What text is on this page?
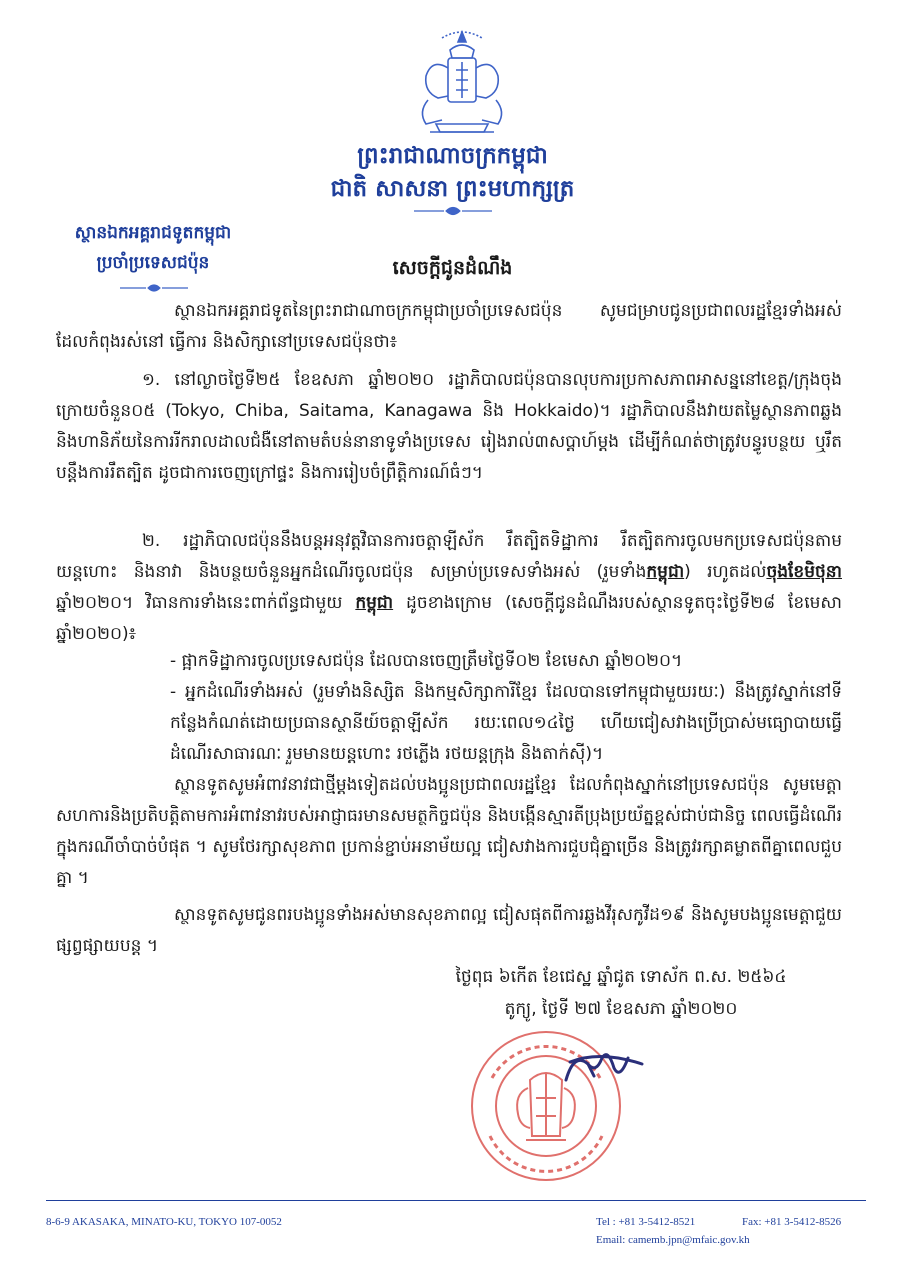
ព្រះរាជាណាចក្រកម្ពុជា
ជាតិ សាសនា ព្រះមហាក្សត្រ
ស្ថានឯកអគ្គរាជទូតកម្ពុជា
ប្រចាំប្រទេសជប៉ុន	សេចក្តីជូនដំណឹង
ស្ថានឯកអគ្គរាជទូតនៃព្រះរាជាណាចក្រកម្ពុជាប្រចាំប្រទេសជប៉ុន សូមជម្រាបជូនប្រជាពលរដ្ឋខ្មែរទាំងអស់ដែលកំពុងរស់នៅ ធ្វើការ និងសិក្សានៅប្រទេសជប៉ុនថា៖
១. នៅល្ងាចថ្ងៃទី២៥ ខែឧសភា ឆ្នាំ២០២០ រដ្ឋាភិបាលជប៉ុនបានលុបការប្រកាសភាពអាសន្ននៅខេត្ត/ក្រុងចុងក្រោយចំនួន០៥ (Tokyo, Chiba, Saitama, Kanagawa និង Hokkaido)។ រដ្ឋាភិបាលនឹងវាយតម្លៃស្ថានភាពឆ្លង និងហានិភ័យនៃការរីករាលដាលជំងឺនៅតាមតំបន់នានាទូទាំងប្រទេស រៀងរាល់៣សប្តាហ៍ម្តង ដើម្បីកំណត់ថាត្រូវបន្ធូរបន្ថយ ឬរឹតបន្តឹងការរឹតត្បិត ដូចជាការចេញក្រៅផ្ទះ និងការរៀបចំព្រឹត្តិការណ៍ធំៗ។
២. រដ្ឋាភិបាលជប៉ុននឹងបន្តអនុវត្តវិធានការចត្តាឡីស័ក រឹតត្បិតទិដ្ឋាការ រឹតត្បិតការចូលមកប្រទេសជប៉ុនតាមយន្តហោះ និងនាវា និងបន្ថយចំនួនអ្នកដំណើរចូលជប៉ុន សម្រាប់ប្រទេសទាំងអស់ (រួមទាំងកម្ពុជា) រហូតដល់ចុងខែមិថុនា ឆ្នាំ២០២០។ វិធានការទាំងនេះពាក់ព័ន្ធជាមួយ កម្ពុជា ដូចខាងក្រោម (សេចក្តីជូនដំណឹងរបស់ស្ថានទូតចុះថ្ងៃទី២៨ ខែមេសា ឆ្នាំ២០២០)៖
- ផ្អាកទិដ្ឋាការចូលប្រទេសជប៉ុន ដែលបានចេញត្រឹមថ្ងៃទី០២ ខែមេសា ឆ្នាំ២០២០។
- អ្នកដំណើរទាំងអស់ (រួមទាំងនិស្សិត និងកម្មសិក្សាការីខ្មែរ ដែលបានទៅកម្ពុជាមួយរយៈ) នឹងត្រូវស្នាក់នៅទីកន្លែងកំណត់ដោយប្រធានស្ថានីយ៍ចត្តាឡីស័ក រយៈពេល១៤ថ្ងៃ ហើយជៀសវាងប្រើប្រាស់មធ្យោបាយធ្វើដំណើរសាធារណៈ រួមមានយន្តហោះ រថភ្លើង រថយន្តក្រុង និងតាក់ស៊ី)។
ស្ថានទូតសូមអំពាវនាវជាថ្មីម្តងទៀតដល់បងប្អូនប្រជាពលរដ្ឋខ្មែរ ដែលកំពុងស្នាក់នៅប្រទេសជប៉ុន សូមមេត្តាសហការនិងប្រតិបត្តិតាមការអំពាវនាវរបស់អាជ្ញាធរមានសមត្ថកិច្ចជប៉ុន និងបង្កើនស្មារតីប្រុងប្រយ័ត្នខ្ពស់ជាប់ជានិច្ច ពេលធ្វើដំណើរ ក្នុងករណីចាំបាច់បំផុត ។ សូមថែរក្សាសុខភាព ប្រកាន់ខ្ជាប់អនាម័យល្អ ជៀសវាងការជួបជុំគ្នាច្រើន និងត្រូវរក្សាគម្លាតពីគ្នាពេលជួបគ្នា ។
ស្ថានទូតសូមជូនពរបងប្អូនទាំងអស់មានសុខភាពល្អ ជៀសផុតពីការឆ្លងវីរុសកូវីដ១៩ និងសូមបងប្អូនមេត្តាជួយផ្សព្វផ្សាយបន្ត ។
ថ្ងៃពុធ ៦កើត ខែជេស្ឋ ឆ្នាំជូត ទោស័ក ព.ស. ២៥៦៤
តូក្យូ, ថ្ងៃទី ២៧ ខែឧសភា ឆ្នាំ២០២០
8-6-9 AKASAKA, MINATO-KU, TOKYO 107-0052	Tel : +81 3-5412-8521	Fax: +81 3-5412-8526
Email: camemb.jpn@mfaic.gov.kh
